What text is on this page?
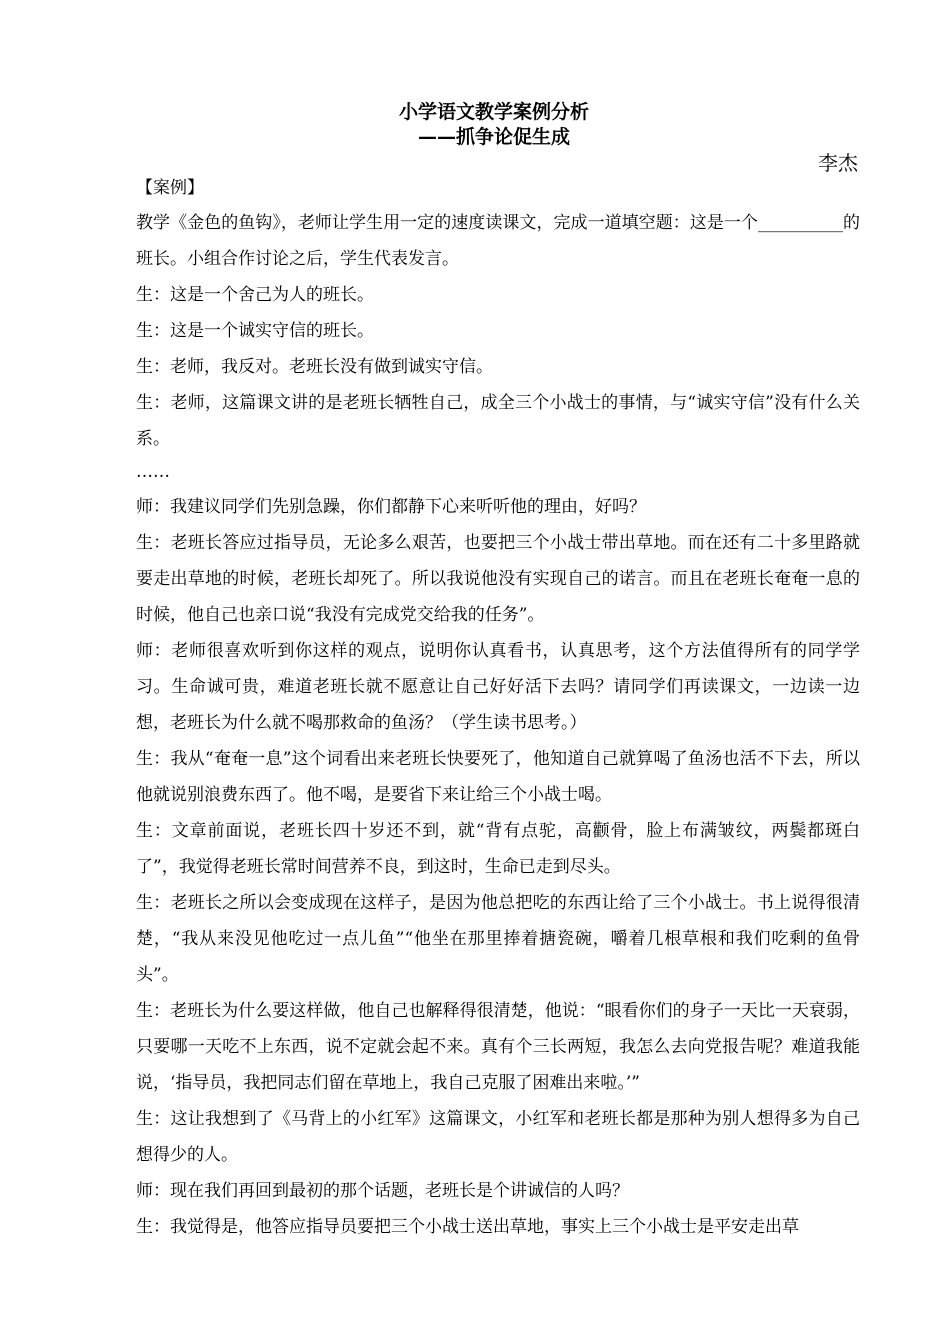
小学语文教学案例分析
——抓争论促生成

李杰

【案例】

教学《金色的鱼钩》，老师让学生用一定的速度读课文，完成一道填空题：这是一个__________的班长。小组合作讨论之后，学生代表发言。

生：这是一个舍己为人的班长。

生：这是一个诚实守信的班长。

生：老师，我反对。老班长没有做到诚实守信。

生：老师，这篇课文讲的是老班长牺牲自己，成全三个小战士的事情，与“诚实守信”没有什么关系。

……

师：我建议同学们先别急躁，你们都静下心来听听他的理由，好吗？

生：老班长答应过指导员，无论多么艰苦，也要把三个小战士带出草地。而在还有二十多里路就要走出草地的时候，老班长却死了。所以我说他没有实现自己的诺言。而且在老班长奄奄一息的时候，他自己也亲口说“我没有完成党交给我的任务”。

师：老师很喜欢听到你这样的观点，说明你认真看书，认真思考，这个方法值得所有的同学学习。生命诚可贵，难道老班长就不愿意让自己好好活下去吗？请同学们再读课文，一边读一边想，老班长为什么就不喝那救命的鱼汤？（学生读书思考。）

生：我从“奄奄一息”这个词看出来老班长快要死了，他知道自己就算喝了鱼汤也活不下去，所以他就说别浪费东西了。他不喝，是要省下来让给三个小战士喝。

生：文章前面说，老班长四十岁还不到，就“背有点驼，高颧骨，脸上布满皱纹，两鬓都斑白了”，我觉得老班长常时间营养不良，到这时，生命已走到尽头。

生：老班长之所以会变成现在这样子，是因为他总把吃的东西让给了三个小战士。书上说得很清楚，“我从来没见他吃过一点儿鱼”“他坐在那里捧着搪瓷碗，嚼着几根草根和我们吃剩的鱼骨头”。

生：老班长为什么要这样做，他自己也解释得很清楚，他说：“眼看你们的身子一天比一天衰弱，只要哪一天吃不上东西，说不定就会起不来。真有个三长两短，我怎么去向党报告呢？难道我能说，‘指导员，我把同志们留在草地上，我自己克服了困难出来啦。’”

生：这让我想到了《马背上的小红军》这篇课文，小红军和老班长都是那种为别人想得多为自己想得少的人。

师：现在我们再回到最初的那个话题，老班长是个讲诚信的人吗？

生：我觉得是，他答应指导员要把三个小战士送出草地，事实上三个小战士是平安走出草
